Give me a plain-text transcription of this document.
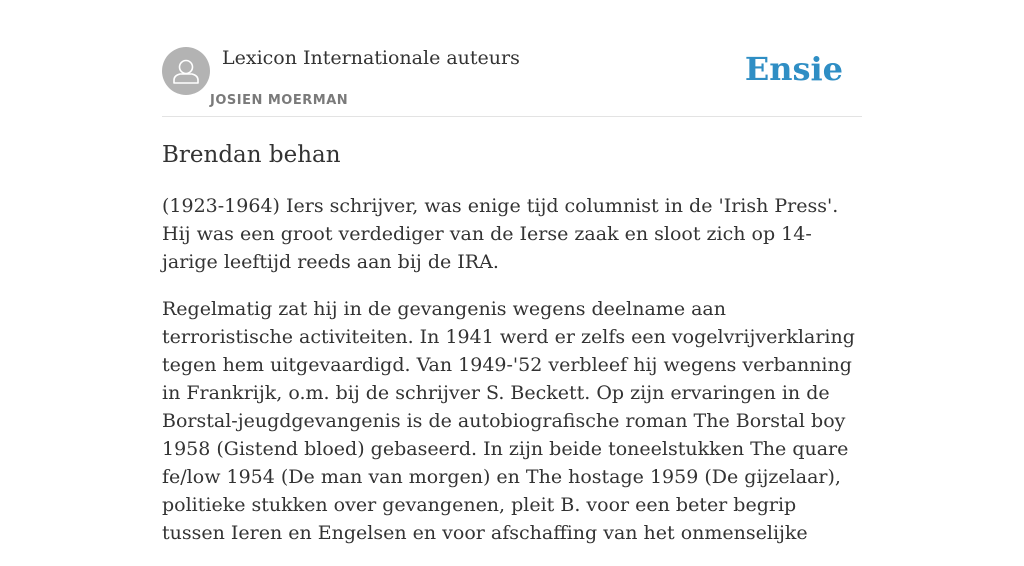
Lexicon Internationale auteurs
JOSIEN MOERMAN
Ensie
Brendan behan

(1923-1964) Iers schrijver, was enige tijd columnist in de 'Irish Press'. Hij was een groot verdediger van de Ierse zaak en sloot zich op 14-jarige leeftijd reeds aan bij de IRA.

Regelmatig zat hij in de gevangenis wegens deelname aan terroristische activiteiten. In 1941 werd er zelfs een vogelvrijverklaring tegen hem uitgevaardigd. Van 1949-'52 verbleef hij wegens verbanning in Frankrijk, o.m. bij de schrijver S. Beckett. Op zijn ervaringen in de Borstal-jeugdgevangenis is de autobiografische roman The Borstal boy 1958 (Gistend bloed) gebaseerd. In zijn beide toneelstukken The quare fe/low 1954 (De man van morgen) en The hostage 1959 (De gijzelaar), politieke stukken over gevangenen, pleit B. voor een beter begrip tussen Ieren en Engelsen en voor afschaffing van het onmenselijke
